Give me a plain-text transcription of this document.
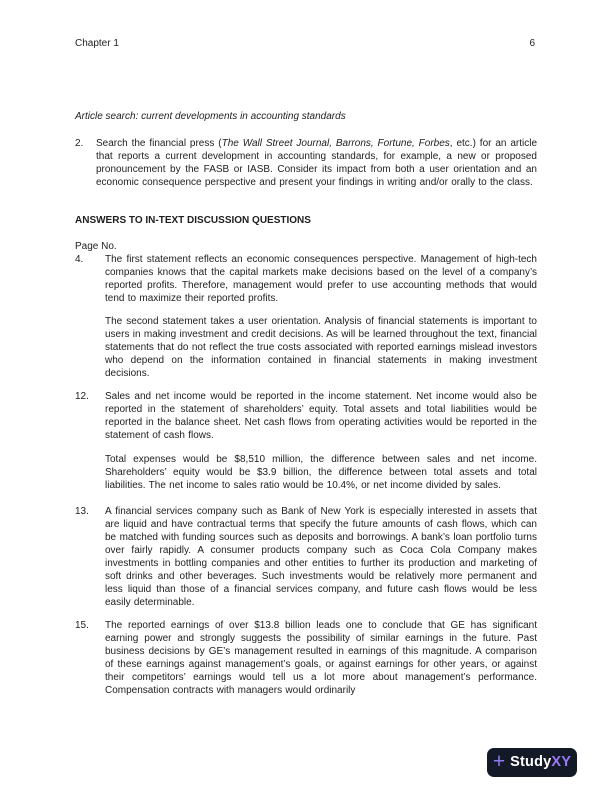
Chapter 1	6
Article search: current developments in accounting standards
2.	Search the financial press (The Wall Street Journal, Barrons, Fortune, Forbes, etc.) for an article that reports a current development in accounting standards, for example, a new or proposed pronouncement by the FASB or IASB. Consider its impact from both a user orientation and an economic consequence perspective and present your findings in writing and/or orally to the class.

ANSWERS TO IN-TEXT DISCUSSION QUESTIONS
Page No.
4.	The first statement reflects an economic consequences perspective. Management of high-tech companies knows that the capital markets make decisions based on the level of a company’s reported profits. Therefore, management would prefer to use accounting methods that would tend to maximize their reported profits.

The second statement takes a user orientation. Analysis of financial statements is important to users in making investment and credit decisions. As will be learned throughout the text, financial statements that do not reflect the true costs associated with reported earnings mislead investors who depend on the information contained in financial statements in making investment decisions.

12.	Sales and net income would be reported in the income statement. Net income would also be reported in the statement of shareholders’ equity. Total assets and total liabilities would be reported in the balance sheet. Net cash flows from operating activities would be reported in the statement of cash flows.

Total expenses would be $8,510 million, the difference between sales and net income. Shareholders’ equity would be $3.9 billion, the difference between total assets and total liabilities. The net income to sales ratio would be 10.4%, or net income divided by sales.

13.	A financial services company such as Bank of New York is especially interested in assets that are liquid and have contractual terms that specify the future amounts of cash flows, which can be matched with funding sources such as deposits and borrowings. A bank’s loan portfolio turns over fairly rapidly. A consumer products company such as Coca Cola Company makes investments in bottling companies and other entities to further its production and marketing of soft drinks and other beverages. Such investments would be relatively more permanent and less liquid than those of a financial services company, and future cash flows would be less easily determinable.

15.	The reported earnings of over $13.8 billion leads one to conclude that GE has significant earning power and strongly suggests the possibility of similar earnings in the future. Past business decisions by GE’s management resulted in earnings of this magnitude. A comparison of these earnings against management’s goals, or against earnings for other years, or against their competitors’ earnings would tell us a lot more about management’s performance. Compensation contracts with managers would ordinarily

+ StudyXY
